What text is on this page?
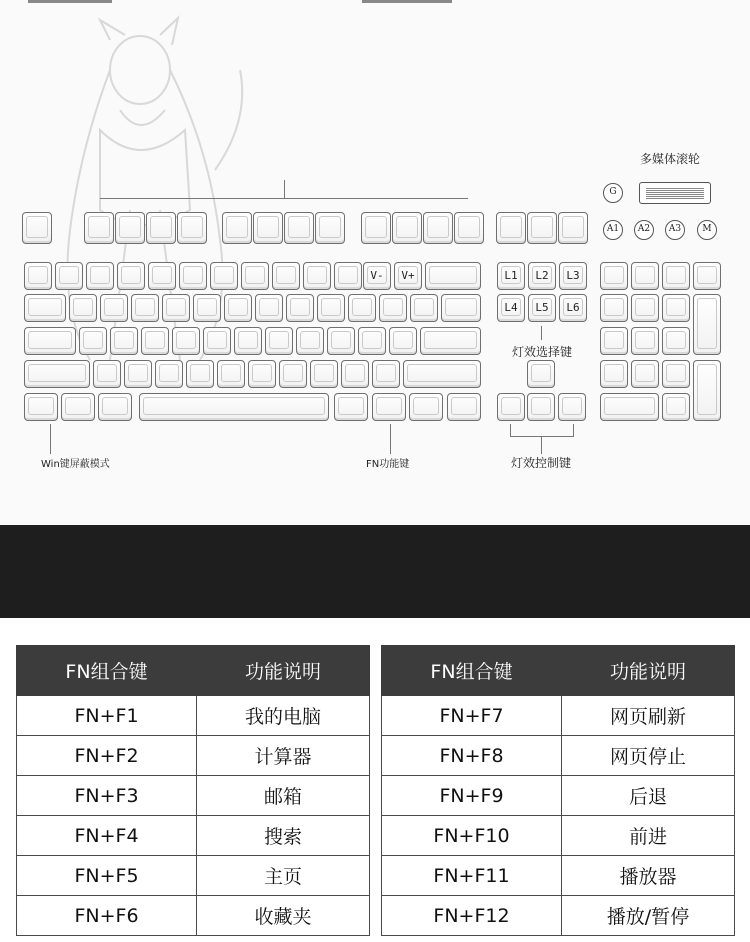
多媒体滚轮
G
A1	A2	A3	M
V-	V+	L1	L2	L3
L4	L5	L6
灯效选择键
Win键屏蔽模式	FN功能键	灯效控制键
FN组合键	功能说明
FN+F1	我的电脑
FN+F2	计算器
FN+F3	邮箱
FN+F4	搜索
FN+F5	主页
FN+F6	收藏夹
FN组合键	功能说明
FN+F7	网页刷新
FN+F8	网页停止
FN+F9	后退
FN+F10	前进
FN+F11	播放器
FN+F12	播放/暂停
